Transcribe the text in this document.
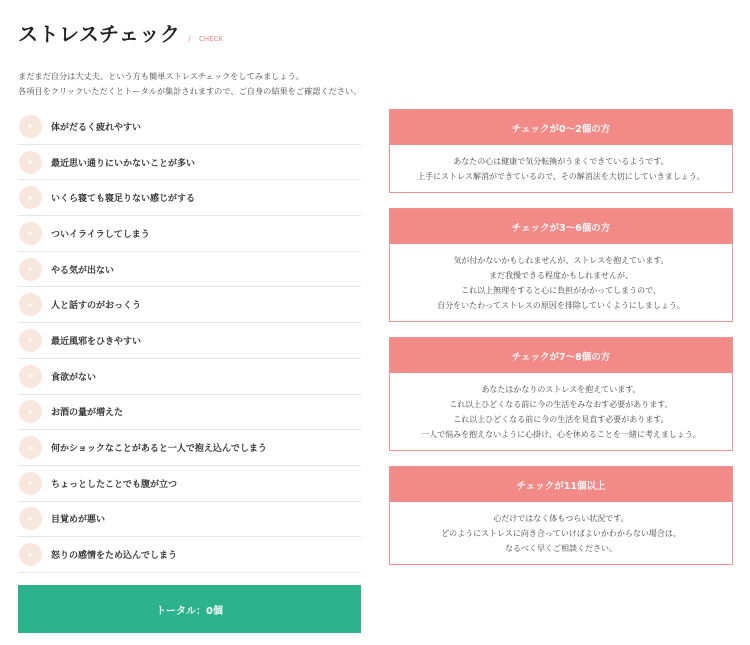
ストレスチェック / CHECK
まだまだ自分は大丈夫、という方も簡単ストレスチェックをしてみましょう。
各項目をクリックいただくとトータルが集計されますので、ご自身の結果をご確認ください。
体がだるく疲れやすい
最近思い通りにいかないことが多い
いくら寝ても寝足りない感じがする
ついイライラしてしまう
やる気が出ない
人と話すのがおっくう
最近風邪をひきやすい
食欲がない
お酒の量が増えた
何かショックなことがあると一人で抱え込んでしまう
ちょっとしたことでも腹が立つ
目覚めが悪い
怒りの感情をため込んでしまう
トータル：0個
チェックが0〜2個の方
あなたの心は健康で気分転換がうまくできているようです。
上手にストレス解消ができているので、その解消法を大切にしていきましょう。
チェックが3〜6個の方
気が付かないかもしれませんが、ストレスを抱えています。
まだ我慢できる程度かもしれませんが、
これ以上無理をすると心に負担がかかってしまうので、
自分をいたわってストレスの原因を排除していくようにしましょう。
チェックが7〜8個の方
あなたはかなりのストレスを抱えています。
これ以上ひどくなる前に今の生活をみなおす必要があります。
これ以上ひどくなる前に今の生活を見直す必要があります。
一人で悩みを抱えないように心掛け、心を休めることを一緒に考えましょう。
チェックが11個以上
心だけではなく体もつらい状況です。
どのようにストレスに向き合っていけばよいかわからない場合は、
なるべく早くご相談ください。
